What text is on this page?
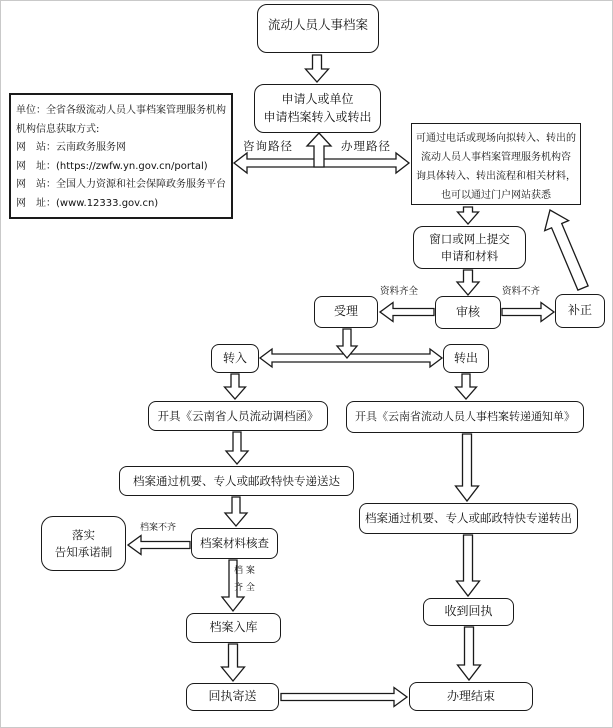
流动人员人事档案
申请人或单位
申请档案转入或转出
单位：全省各级流动人员人事档案管理服务机构
机构信息获取方式:
网　站：云南政务服务网
网　址：(https://zwfw.yn.gov.cn/portal)
网　站：全国人力资源和社会保障政务服务平台
网　址：(www.12333.gov.cn)
可通过电话或现场向拟转入、转出的
流动人员人事档案管理服务机构咨
询具体转入、转出流程和相关材料，
也可以通过门户网站获悉
窗口或网上提交
申请和材料
受理	审核	补正
转入	转出
开具《云南省人员流动调档函》	开具《云南省流动人员人事档案转递通知单》
档案通过机要、专人或邮政特快专递送达
档案材料核查
落实
告知承诺制
档案入库
回执寄送
档案通过机要、专人或邮政特快专递转出
收到回执
办理结束
咨询路径	办理路径
资料齐全	资料不齐
档案不齐
档 案
齐 全
